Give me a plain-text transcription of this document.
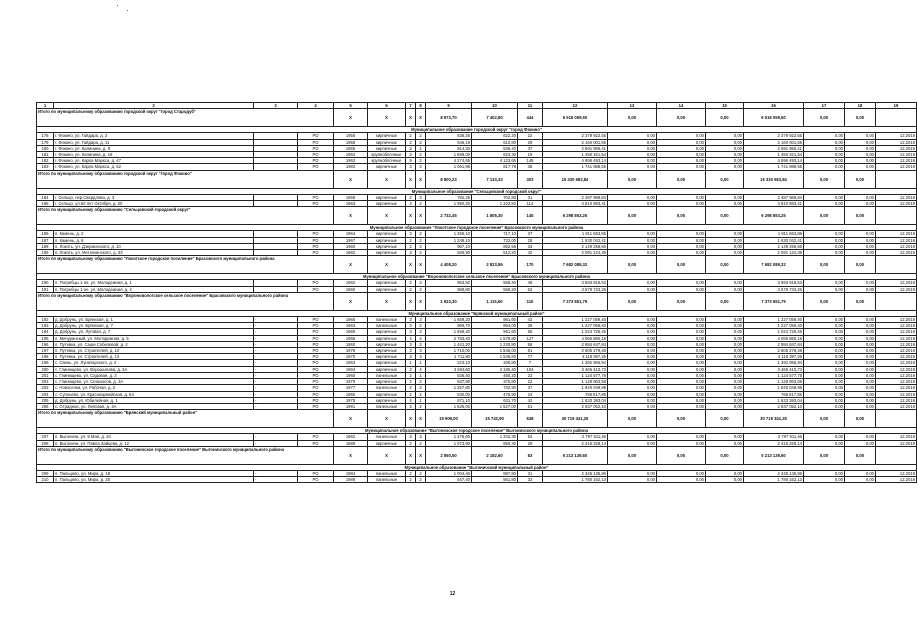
1	2	3	4	5	6	7	8	9	10	11	12	13	14	15	16	17	18	19
Итого по муниципальному образованию городской округ "город Стародуб"				X	X	X	X	8 973,70	7 402,80	444	6 516 059,50	0,00	0,00	0,00	6 516 059,50	0,00	0,00	
Муниципальное образование городской округ "город Фокино"																		
178	г. Фокино, ул. Гайдара, д. 2		РО	1958	кирпичные	2	2	638,26	622,20	22	2 379 922,55	0,00	0,00	0,00	2 379 922,55	0,00	0,00	12.2019
179	г. Фокино, ул. Гайдара, д. 11		РО	1958	кирпичные	2	2	646,19	610,80	29	2 160 001,65	0,00	0,00	0,00	2 160 001,65	0,00	0,00	12.2019
180	г. Фокино, ул. Калинина, д. 8		РО	1955	кирпичные	2	1	914,30	536,40	47	2 691 956,41	0,00	0,00	0,00	2 691 956,41	0,00	0,00	12.2019
181	г. Фокино, ул. Калинина, д. 16		РО	1962	крупноблочные	3	2	1 669,00	623,30	19	1 450 321,54	0,00	0,00	0,00	1 450 321,54	0,00	0,00	12.2019
182	г. Фокино, ул. Карла Маркса, д. 47		РО	1962	крупноблочные	9	2	4 274,65	4 123,65	148	4 896 493,14	0,00	0,00	0,00	4 896 493,14	0,00	0,00	12.2019
183	г. Фокино, ул. Карла Маркса, д. 52		РО	1984	кирпичные	3	2	1 061,98	817,78	38	1 741 988,55	0,00	0,00	0,00	1 741 988,55	0,00	0,00	12.2019
Итого по муниципальному образованию городской округ "город Фокино"				X	X	X	X	8 800,23	7 133,33	303	15 330 683,84	0,00	0,00	0,00	15 330 683,84	0,00	0,00	
Муниципальное образование "Сельцовский городской округ"																		
184	г. Сельцо, пер.Свердлова, д. 3		РО	1958	кирпичные	2	3	782,25	702,80	31	2 487 969,84	0,00	0,00	0,00	2 487 969,84	0,00	0,00	12.2019
185	г. Сельцо, ул.60 лет Октября, д. 20		РО	1963	кирпичные	4	2	1 950,20	1 102,50	114	3 810 883,41	0,00	0,00	0,00	3 810 883,41	0,00	0,00	12.2019
Итого по муниципальному образованию "Сельцовский городской округ"				X	X	X	X	2 732,45	1 805,30	145	6 298 853,25	0,00	0,00	0,00	6 298 853,25	0,00	0,00	
Муниципальное образование "Локотское городское поселение" Брасовского муниципального района																		
186	п. Камень, д. 2		РО	1964	кирпичные	3	2	1 266,10	717,10	37	1 811 663,86	0,00	0,00	0,00	1 811 663,86	0,00	0,00	12.2019
187	п. Камень, д. 6		РО	1967	кирпичные	2	2	1 248,10	732,00	28	1 630 042,41	0,00	0,00	0,00	1 630 042,41	0,00	0,00	12.2019
188	п. Локоть, ул. Дзержинского, д. 10		РО	1960	кирпичные	2	2	967,10	862,56	33	2 149 258,66	0,00	0,00	0,00	2 149 258,66	0,00	0,00	12.2019
189	п. Локоть, ул. Метелкинского, д. 33		РО	1962	кирпичные	3	2	926,90	512,20	42	2 091 124,39	0,00	0,00	0,00	2 091 124,39	0,00	0,00	12.2019
Итого по муниципальному образованию "Локотское городское поселение" Брасовского муниципального района				X	X	X	X	4 408,20	2 823,86	170	7 682 089,32	0,00	0,00	0,00	7 682 089,32	0,00	0,00	
Муниципальное образование "Вороновологское сельское поселение" Брасовского муниципального района																		
190	п. Погребцы 1-ое, ул. Молодежная, д. 1		РО	1962	кирпичные	2	3	953,50	558,40	48	3 693 918,53	0,00	0,00	0,00	3 693 918,53	0,00	0,00	12.2019
191	п. Погребцы 1-ое, ул. Молодежная, д. 2		РО	1960	кирпичные	2	2	969,80	556,20	62	3 679 733,26	0,00	0,00	0,00	3 679 733,26	0,00	0,00	12.2019
Итого по муниципальному образованию "Вороновологское сельское поселение" Брасовского муниципального района				X	X	X	X	1 923,30	1 115,60	110	7 373 651,79	0,00	0,00	0,00	7 373 651,79	0,00	0,00	
Муниципальное образование "Брянский муниципальный район"																		
192	д. Добрунь, ул. Брянская, д. 1	-	РО	1965	панельные	3	3	1 659,20	961,60	42	1 227 059,40	0,00	0,00	0,00	1 227 059,40	0,00	0,00	12.2019
193	д. Добрунь, ул. Брянская, д. 7	-	РО	1963	панельные	3	2	969,70	864,00	38	1 227 059,40	0,00	0,00	0,00	1 227 059,40	0,00	0,00	12.2019
194	д. Добрунь, ул. Луговая, д. 7	-	РО	1969	кирпичные	3	3	1 658,20	961,60	58	1 024 726,46	0,00	0,00	0,00	1 024 726,46	0,00	0,00	12.2019
195	п. Мичуринский, ул. Молодежная, д. 5	-	РО	1966	кирпичные	4	4	2 763,40	1 578,80	127	4 065 860,18	0,00	0,00	0,00	4 065 860,18	0,00	0,00	12.2019
196	п. Путевка, ул. Саши Собелевой, д. 2	-	РО	1960	кирпичные	3	3	1 441,20	1 230,80	58	2 884 647,84	0,00	0,00	0,00	2 884 647,84	0,00	0,00	12.2019
197	п. Путевка, ул. Строителей, д. 10	-	РО	1976	кирпичные	3	3	1 710,00	1 545,00	81	2 605 279,48	0,00	0,00	0,00	2 605 279,48	0,00	0,00	12.2019
198	п. Путевка, ул. Строителей, д. 13	-	РО	1970	кирпичные	3	3	1 711,80	1 546,60	77	4 118 397,26	0,00	0,00	0,00	4 118 397,26	0,00	0,00	12.2019
199	с. Свень, ул. Луначарского, д. 2	-	РО	1953	кирпичные	1	1	223,10	206,80	7	1 392 956,94	0,00	0,00	0,00	1 392 956,94	0,00	0,00	12.2019
200	с. Глинищево, ул. Ворошилова, д. 3А	-	РО	1994	кирпичные	3	4	3 284,60	2 185,40	104	3 466 410,73	0,00	0,00	0,00	3 466 410,73	0,00	0,00	12.2019
201	с. Глинищево, ул. Садовая, д. 3	-	РО	1960	панельные	2	1	536,40	460,20	22	1 124 577,78	0,00	0,00	0,00	1 124 577,78	0,00	0,00	12.2019
202	с. Глинищево, ул. Сенькосов, д. 3А	-	РО	1979	кирпичные	2	2	637,90	375,80	22	1 128 963,56	0,00	0,00	0,00	1 128 963,56	0,00	0,00	12.2019
203	с. Новоселки, ул. Рабочая, д. 2	-	РО	1977	панельные	2	2	1 257,80	732,90	37	1 840 049,98	0,00	0,00	0,00	1 840 049,98	0,00	0,00	12.2019
204	с. Супонево, ул. Красноармейская, д. 64	-	РО	1960	кирпичные	2	2	530,00	478,90	24	766 817,86	0,00	0,00	0,00	766 817,86	0,00	0,00	12.2019
205	д. Добрунь, ул. Юбилейная, д. 1	-	РО	1975	кирпичные	4	1	671,10	631,70	42	1 633 383,04	0,00	0,00	0,00	1 633 383,04	0,00	0,00	12.2019
206	с. Отрадное, ул. Липовая, д. 4А	-	РО	1991	панельные	3	2	1 625,00	1 527,00	61	2 837 052,10	0,00	0,00	0,00	2 837 052,10	0,00	0,00	12.2019
Итого по муниципальному образованию "Брянский муниципальный район"				X	X	X	X	19 909,00	15 742,90	638	30 719 341,25	0,00	0,00	0,00	30 719 341,25	0,00	0,00	
Муниципальное образование "Выгоничское городское поселение" Выгоничского муниципального района																		
207	п. Выгоничи, ул. 9 Мая, д. 10	-	РО	1962	панельные	3	3	1 476,60	1 332,30	54	2 797 811,46	0,00	0,00	0,00	2 797 811,46	0,00	0,00	12.2019
208	п. Выгоничи, ул. Павла Зайцева, д. 12	-	РО	1989	кирпичные	2	2	1 073,90	850,30	29	2 415 328,14	0,00	0,00	0,00	2 415 328,14	0,00	0,00	12.2019
Итого по муниципальному образованию "Выгоничское городское поселение" Выгоничского муниципального района				X	X	X	X	2 550,50	2 182,60	83	5 213 139,60	0,00	0,00	0,00	5 213 139,60	0,00	0,00	
Муниципальное образование "Выгоничский муниципальный район"																		
209	п. Пальцево, ул. Мира, д. 18	-	РО	1984	панельные	2	2	1 004,46	887,80	31	2 345 135,86	0,00	0,00	0,00	2 345 135,86	0,00	0,00	12.2019
210	п. Пальцево, ул. Мира, д. 20	-	РО	1988	панельные	2	2	647,40	561,80	32	1 780 162,13	0,00	0,00	0,00	1 780 162,13	0,00	0,00	12.2019
12
